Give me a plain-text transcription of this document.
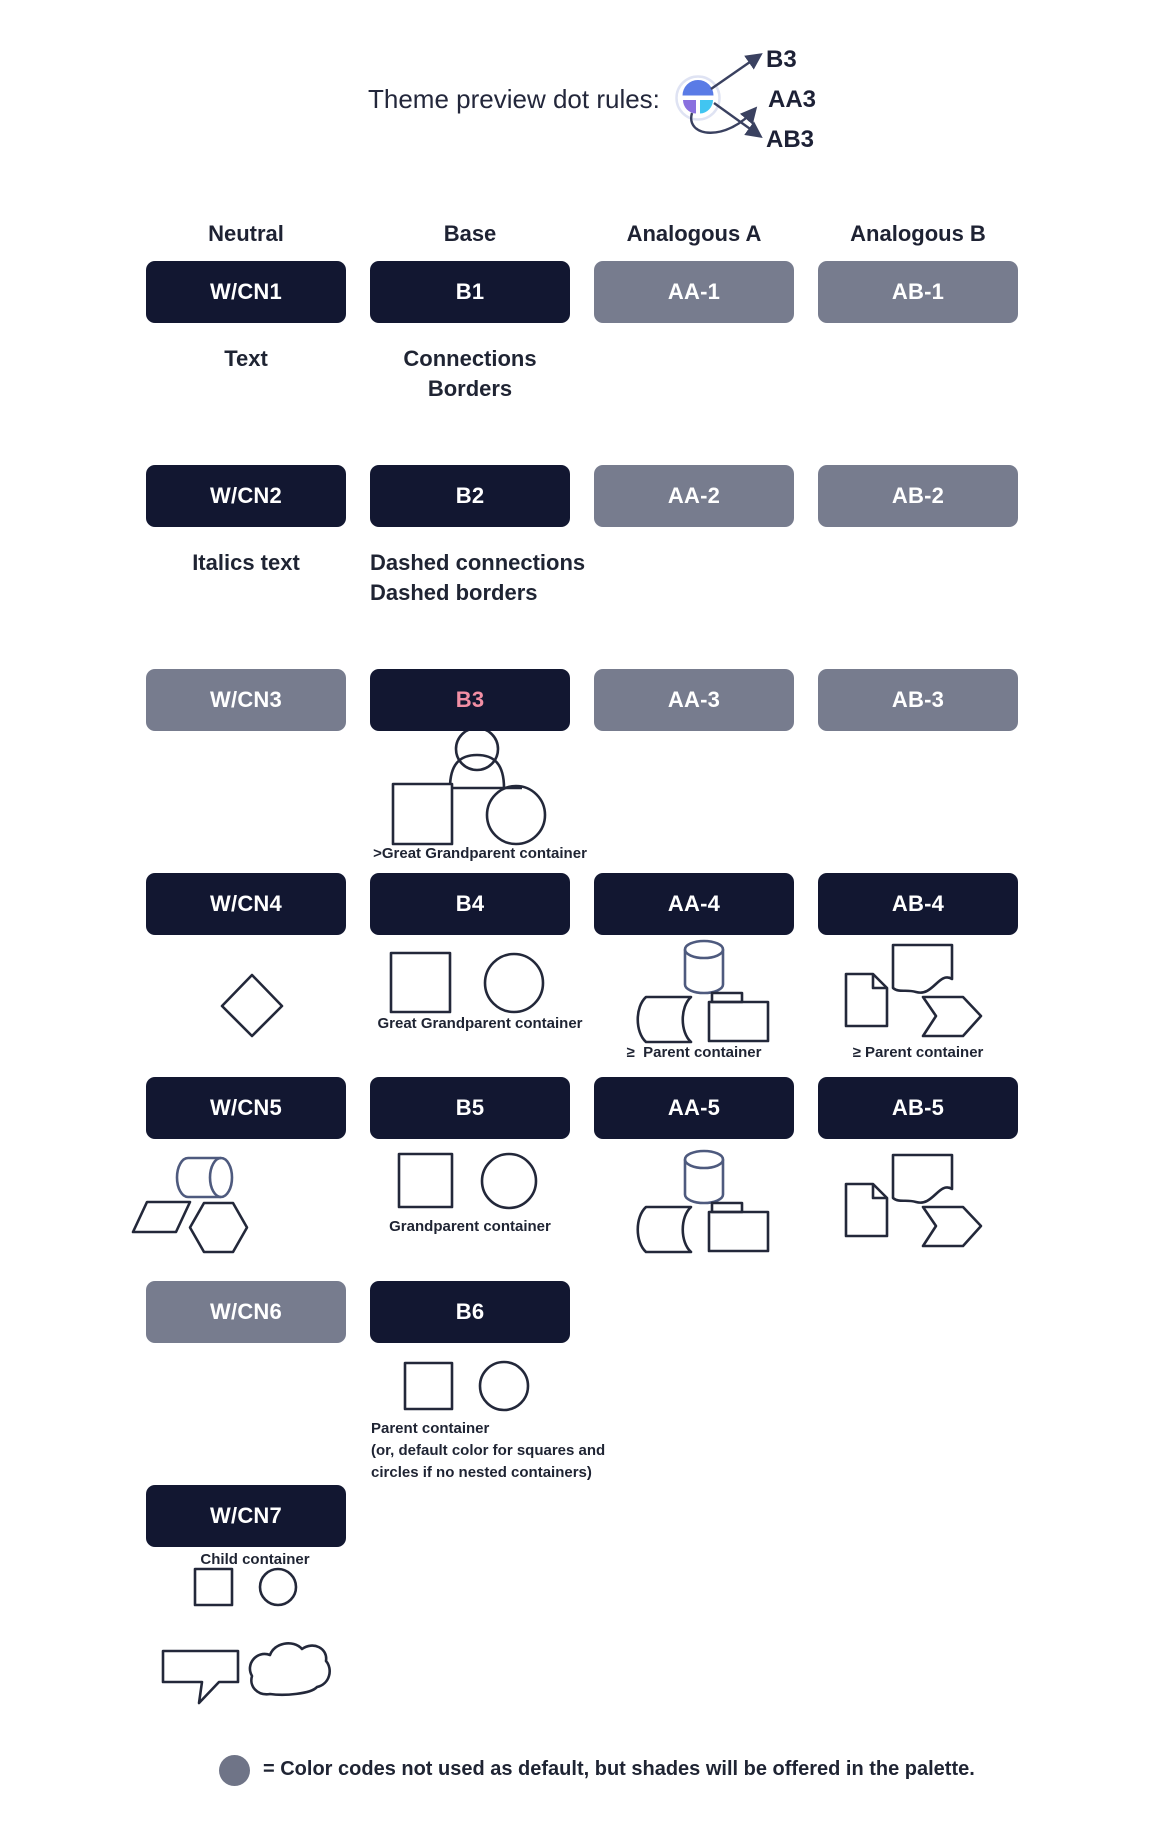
Theme preview dot rules:
B3
AA3
AB3
Neutral	Base	Analogous A	Analogous B
W/CN1	B1	AA-1	AB-1
W/CN2	B2	AA-2	AB-2
W/CN3	B3	AA-3	AB-3
W/CN4	B4	AA-4	AB-4
W/CN5	B5	AA-5	AB-5
W/CN6	B6
W/CN7
Text	Connections
Borders
Italics text	Dashed connections
Dashed borders
>Great Grandparent container
Great Grandparent container
≥  Parent container	≥ Parent container
Grandparent container
Parent container
(or, default color for squares and
circles if no nested containers)
Child container
= Color codes not used as default, but shades will be offered in the palette.
